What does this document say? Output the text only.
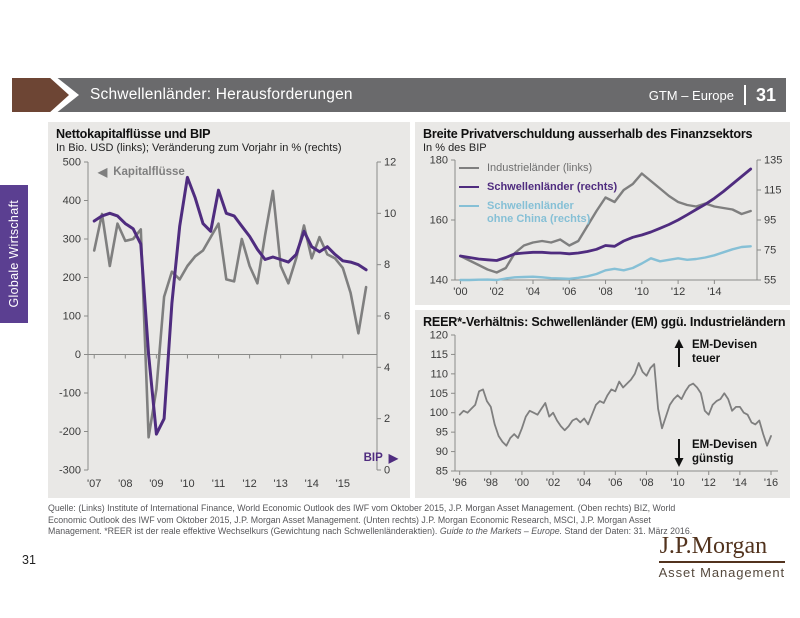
Schwellenländer: Herausforderungen	GTM – Europe 31
Globale Wirtschaft
Nettokapitalflüsse und BIP
In Bio. USD (links); Veränderung zum Vorjahr in % (rechts)
500
400
300
200
100
0
-100
-200
-300
12
10
8
6
4
2
0
'07 '08 '09 '10 '11 '12 '13 '14 '15
◀ Kapitalflüsse
BIP ▶
Breite Privatverschuldung ausserhalb des Finanzsektors
In % des BIP
180
160
140
135
115
95
75
55
'00 '02 '04 '06 '08 '10 '12 '14
Industrieländer (links)
Schwellenländer (rechts)
Schwellenländer ohne China (rechts)
REER*-Verhältnis: Schwellenländer (EM) ggü. Industrieländern
120
115
110
105
100
95
90
85
'96 '98 '00 '02 '04 '06 '08 '10 '12 '14 '16
EM-Devisen teuer
EM-Devisen günstig
Quelle: (Links) Institute of International Finance, World Economic Outlook des IWF vom Oktober 2015, J.P. Morgan Asset Management. (Oben rechts) BIZ, World Economic Outlook des IWF vom Oktober 2015, J.P. Morgan Asset Management. (Unten rechts) J.P. Morgan Economic Research, MSCI, J.P. Morgan Asset Management. *REER ist der reale effektive Wechselkurs (Gewichtung nach Schwellenländeraktien). Guide to the Markets – Europe. Stand der Daten: 31. März 2016.
J.P.Morgan
Asset Management
31
